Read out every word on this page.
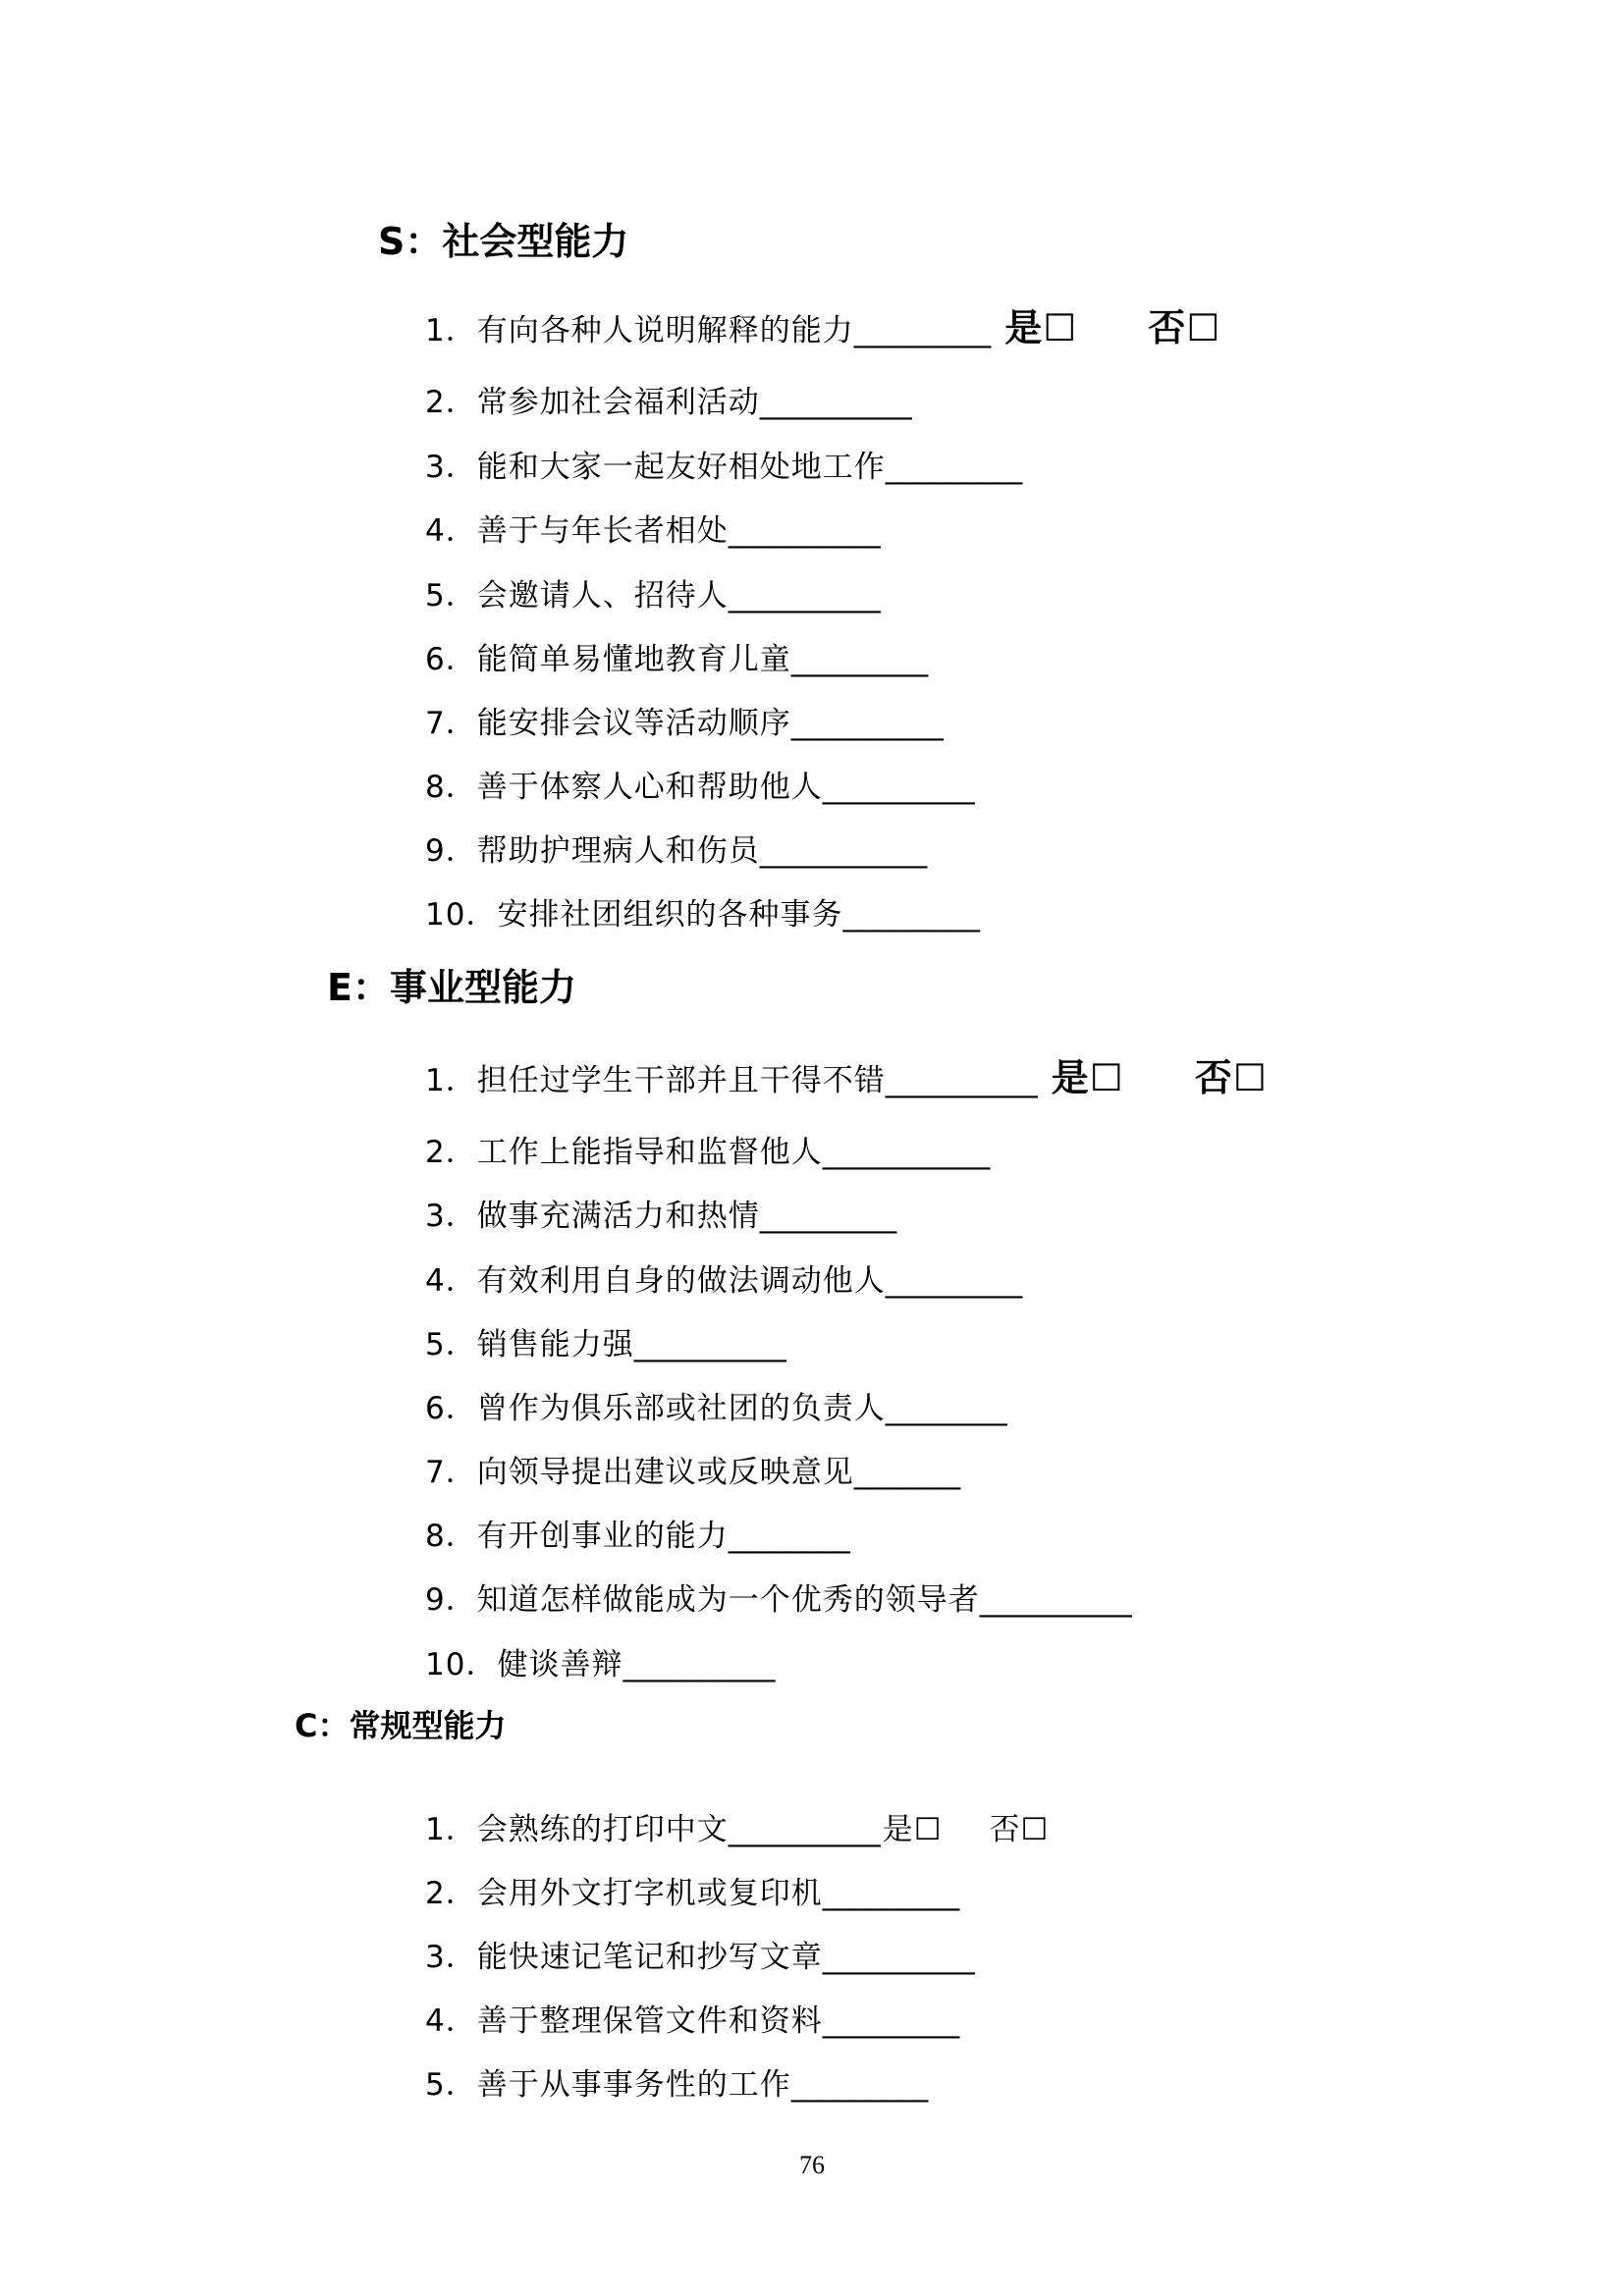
S：社会型能力
1．有向各种人说明解释的能力_________ 是☐ 否☐
2．常参加社会福利活动__________
3．能和大家一起友好相处地工作_________
4．善于与年长者相处__________
5．会邀请人、招待人__________
6．能简单易懂地教育儿童_________
7．能安排会议等活动顺序__________
8．善于体察人心和帮助他人__________
9．帮助护理病人和伤员___________
10．安排社团组织的各种事务_________
E：事业型能力
1．担任过学生干部并且干得不错__________ 是☐ 否☐
2．工作上能指导和监督他人___________
3．做事充满活力和热情_________
4．有效利用自身的做法调动他人_________
5．销售能力强__________
6．曾作为俱乐部或社团的负责人________
7．向领导提出建议或反映意见_______
8．有开创事业的能力________
9．知道怎样做能成为一个优秀的领导者__________
10．健谈善辩__________
C：常规型能力
1．会熟练的打印中文__________是☐ 否☐
2．会用外文打字机或复印机_________
3．能快速记笔记和抄写文章__________
4．善于整理保管文件和资料_________
5．善于从事事务性的工作_________
76
